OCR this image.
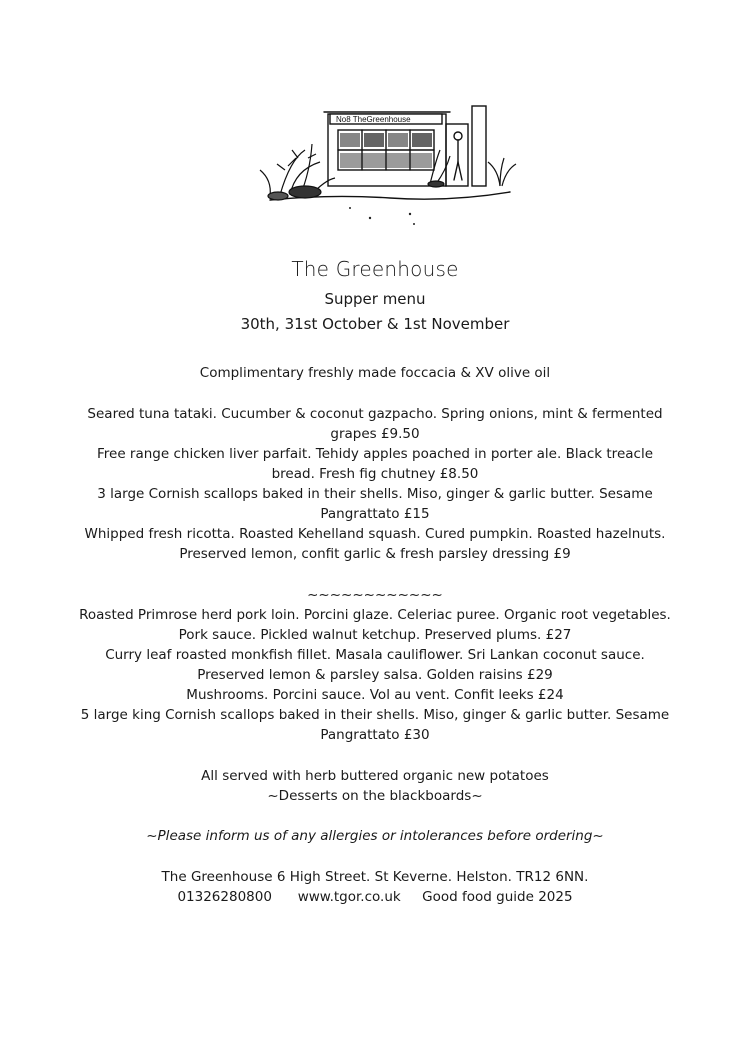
No8 TheGreenhouse
The Greenhouse
Supper menu
30th, 31st October & 1st November
Complimentary freshly made foccacia & XV olive oil
Seared tuna tataki. Cucumber & coconut gazpacho. Spring onions, mint & fermented
grapes £9.50
Free range chicken liver parfait. Tehidy apples poached in porter ale. Black treacle
bread. Fresh fig chutney £8.50
3 large Cornish scallops baked in their shells. Miso, ginger & garlic butter. Sesame
Pangrattato £15
Whipped fresh ricotta. Roasted Kehelland squash. Cured pumpkin. Roasted hazelnuts.
Preserved lemon, confit garlic & fresh parsley dressing £9
~~~~~~~~~~~~
Roasted Primrose herd pork loin. Porcini glaze. Celeriac puree. Organic root vegetables.
Pork sauce. Pickled walnut ketchup. Preserved plums. £27
Curry leaf roasted monkfish fillet. Masala cauliflower. Sri Lankan coconut sauce.
Preserved lemon & parsley salsa. Golden raisins £29
Mushrooms. Porcini sauce. Vol au vent. Confit leeks £24
5 large king Cornish scallops baked in their shells. Miso, ginger & garlic butter. Sesame
Pangrattato £30
All served with herb buttered organic new potatoes
~Desserts on the blackboards~
~Please inform us of any allergies or intolerances before ordering~
The Greenhouse 6 High Street. St Keverne. Helston. TR12 6NN.
01326280800 www.tgor.co.uk Good food guide 2025
